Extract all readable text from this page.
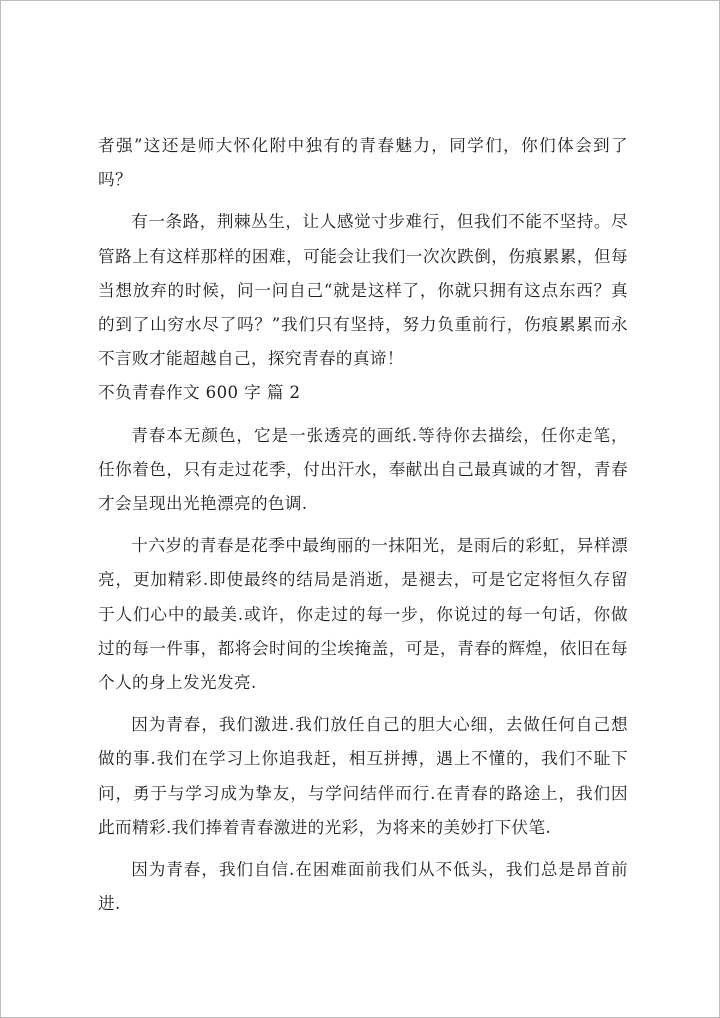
者强”这还是师大怀化附中独有的青春魅力，同学们，你们体会到了吗？

有一条路，荆棘丛生，让人感觉寸步难行，但我们不能不坚持。尽管路上有这样那样的困难，可能会让我们一次次跌倒，伤痕累累，但每当想放弃的时候，问一问自己“就是这样了，你就只拥有这点东西？真的到了山穷水尽了吗？”我们只有坚持，努力负重前行，伤痕累累而永不言败才能超越自己，探究青春的真谛！

不负青春作文 600 字 篇 2

青春本无颜色，它是一张透亮的画纸.等待你去描绘，任你走笔，任你着色，只有走过花季，付出汗水，奉献出自己最真诚的才智，青春才会呈现出光艳漂亮的色调.

十六岁的青春是花季中最绚丽的一抹阳光，是雨后的彩虹，异样漂亮，更加精彩.即使最终的结局是消逝，是褪去，可是它定将恒久存留于人们心中的最美.或许，你走过的每一步，你说过的每一句话，你做过的每一件事，都将会时间的尘埃掩盖，可是，青春的辉煌，依旧在每个人的身上发光发亮.

因为青春，我们激进.我们放任自己的胆大心细，去做任何自己想做的事.我们在学习上你追我赶，相互拼搏，遇上不懂的，我们不耻下问，勇于与学习成为挚友，与学问结伴而行.在青春的路途上，我们因此而精彩.我们捧着青春激进的光彩，为将来的美妙打下伏笔.

因为青春，我们自信.在困难面前我们从不低头，我们总是昂首前进.
